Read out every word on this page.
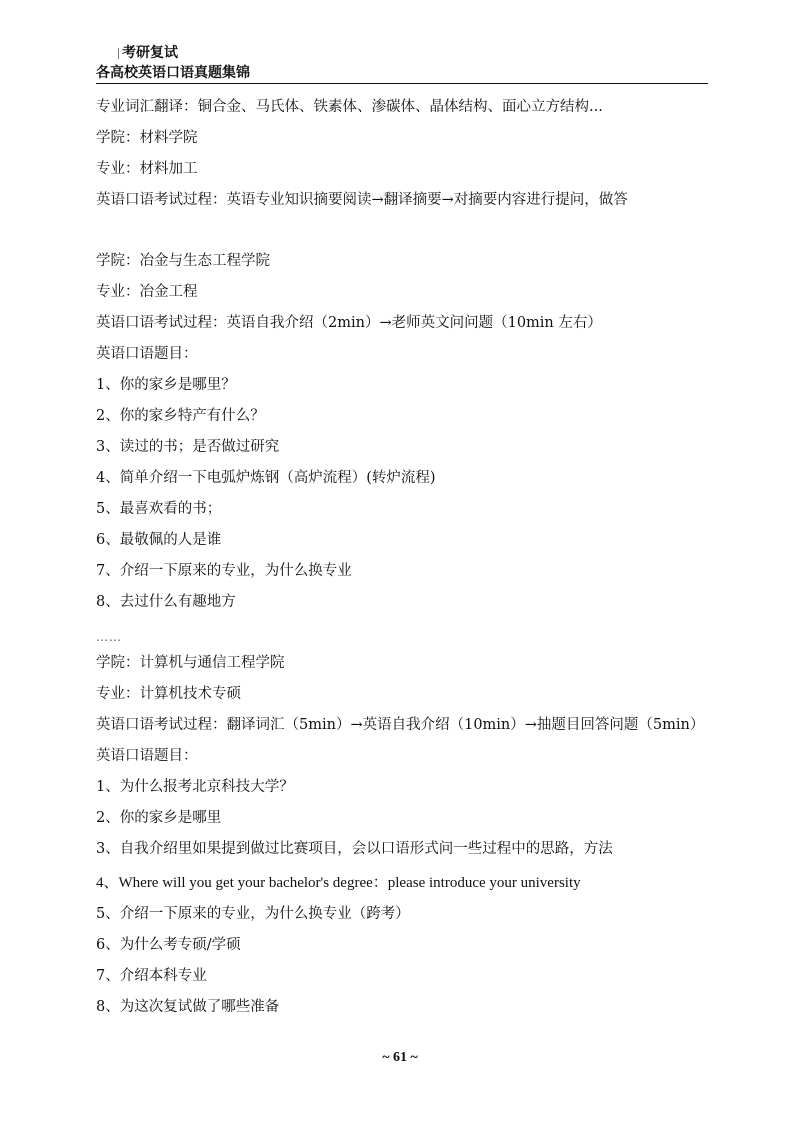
考研复试
各高校英语口语真题集锦
专业词汇翻译：铜合金、马氏体、铁素体、渗碳体、晶体结构、面心立方结构...
学院：材料学院
专业：材料加工
英语口语考试过程：英语专业知识摘要阅读→翻译摘要→对摘要内容进行提问，做答
学院：冶金与生态工程学院
专业：冶金工程
英语口语考试过程：英语自我介绍（2min）→老师英文问问题（10min 左右）
英语口语题目：
1、你的家乡是哪里？
2、你的家乡特产有什么？
3、读过的书；是否做过研究
4、简单介绍一下电弧炉炼钢（高炉流程）(转炉流程)
5、最喜欢看的书；
6、最敬佩的人是谁
7、介绍一下原来的专业，为什么换专业
8、去过什么有趣地方
……
学院：计算机与通信工程学院
专业：计算机技术专硕
英语口语考试过程：翻译词汇（5min）→英语自我介绍（10min）→抽题目回答问题（5min）
英语口语题目：
1、为什么报考北京科技大学？
2、你的家乡是哪里
3、自我介绍里如果提到做过比赛项目，会以口语形式问一些过程中的思路，方法
4、Where will you get your bachelor's degree：please introduce your university
5、介绍一下原来的专业，为什么换专业（跨考）
6、为什么考专硕/学硕
7、介绍本科专业
8、为这次复试做了哪些准备
~ 61 ~
